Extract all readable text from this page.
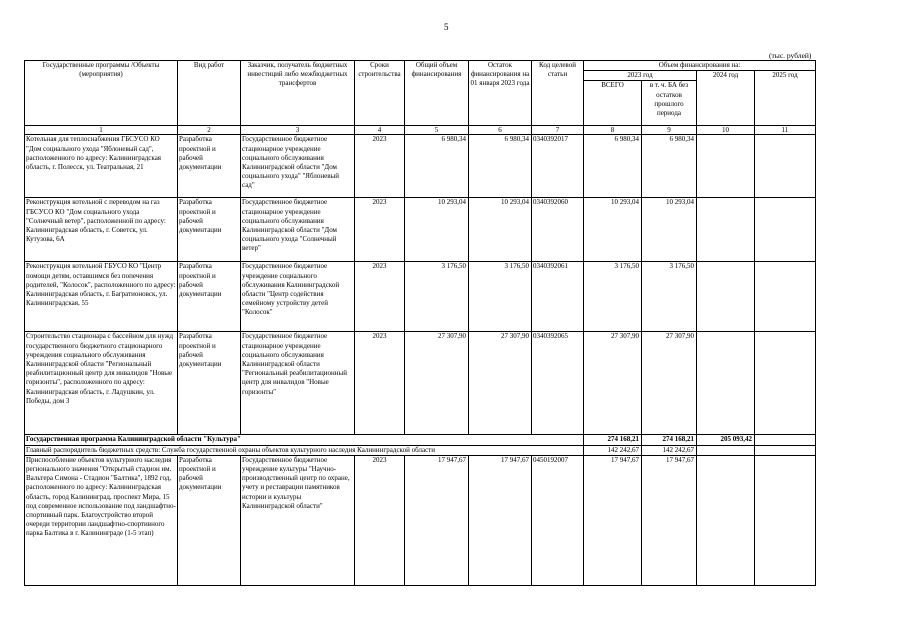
5
(тыс. рублей)
Государственные программы /Объекты (мероприятия)	Вид работ	Заказчик, получатель бюджетных инвестиций либо межбюджетных трансфертов	Сроки строительства	Общий объем финансирования	Остаток финансирования на 01 января 2023 года	Код целевой статьи	Объем финансирования на:			
							2023 год		2024 год	2025 год
							ВСЕГО	в т. ч. БА без остатков прошлого периода		
1	2	3	4	5	6	7	8	9	10	11
Котельная для теплоснабжения ГБСУСО КО "Дом социального ухода "Яблоневый сад", расположенного по адресу: Калининградская область, г. Полесск, ул. Театральная, 21	Разработка проектной и рабочей документации	Государственное бюджетное стационарное учреждение социального обслуживания Калининградской области "Дом социального ухода" "Яблоневый сад"	2023	6 980,34	6 980,34	0340392017	6 980,34	6 980,34		
Реконструкция котельной с переводом на газ ГБСУСО КО "Дом социального ухода "Солнечный ветер", расположенной по адресу: Калининградская область, г. Советск, ул. Кутузова, 6А	Разработка проектной и рабочей документации	Государственное бюджетное стационарное учреждение социального обслуживания Калининградской области "Дом социального ухода "Солнечный ветер"	2023	10 293,04	10 293,04	0340392060	10 293,04	10 293,04		
Реконструкция котельной ГБУСО КО "Центр помощи детям, оставшимся без попечения родителей, "Колосок", расположенного по адресу: Калининградская область, г. Багратионовск, ул. Калининградская, 55	Разработка проектной и рабочей документации	Государственное бюджетное учреждение социального обслуживания Калининградской области "Центр содействия семейному устройству детей "Колосок"	2023	3 176,50	3 176,50	0340392061	3 176,50	3 176,50		
Строительство стационара с бассейном для нужд государственного бюджетного стационарного учреждения социального обслуживания Калининградской области "Региональный реабилитационный центр для инвалидов "Новые горизонты", расположенного по адресу: Калининградская область, г. Ладушкин, ул. Победы, дом 3	Разработка проектной и рабочей документации	Государственное бюджетное стационарное учреждение социального обслуживания Калининградской области "Региональный реабилитационный центр для инвалидов "Новые горизонты"	2023	27 307,90	27 307,90	0340392065	27 307,90	27 307,90		
Государственная программа Калининградской области "Культура"							274 168,21	274 168,21	205 093,42	
Главный распорядитель бюджетных средств: Служба государственной охраны объектов культурного наследия Калининградской области							142 242,67	142 242,67		
Приспособление объектов культурного наследия регионального значения "Открытый стадион им. Вальтера Симона - Стадион "Балтика", 1892 год, расположенного по адресу: Калининградская область, город Калининград, проспект Мира, 15 под современное использование под ландшафтно-спортивный парк. Благоустройство второй очереди территории ландшафтно-спортивного парка Балтика в г. Калининграде (1-5 этап)	Разработка проектной и рабочей документации	Государственное бюджетное учреждение культуры "Научно-производственный центр по охране, учету и реставрации памятников истории и культуры Калининградской области"	2023	17 947,67	17 947,67	0450192007	17 947,67	17 947,67		
